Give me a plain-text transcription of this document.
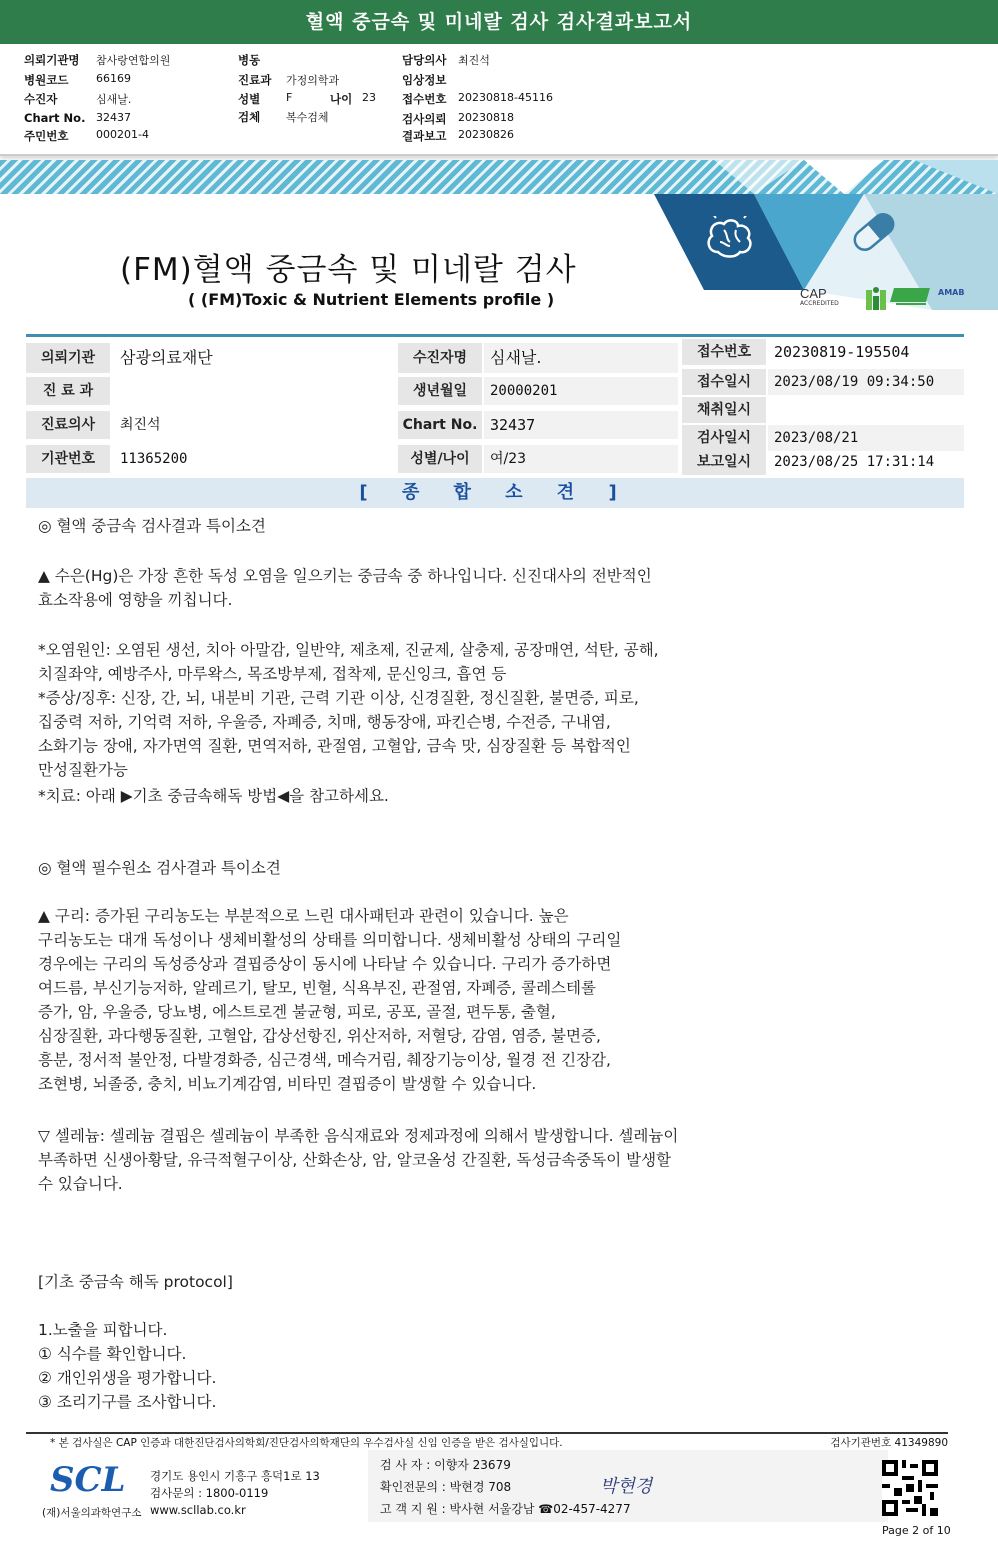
혈액 중금속 및 미네랄 검사 검사결과보고서
의뢰기관명 참사랑연합의원
병원코드	66169
수진자	심새날.
Chart No. 32437
주민번호	000201-4
병동
진료과 가정의학과
성별 F	나이 23
검체 복수검체
담당의사 최진석
임상정보
접수번호 20230818-45116
검사의뢰 20230818
결과보고 20230826
CAP
ACCREDITED
AMAB
(FM)혈액 중금속 및 미네랄 검사
( (FM)Toxic & Nutrient Elements profile )
의뢰기관	삼광의료재단
진 료 과
진료의사	최진석
기관번호	11365200
수진자명	심새날.
생년월일	20000201
Chart No. 32437
성별/나이	여/23
접수번호	20230819-195504
접수일시	2023/08/19 09:34:50
채취일시
검사일시	2023/08/21
보고일시	2023/08/25 17:31:14
[ 종 합 소 견 ]
◎ 혈액 중금속 검사결과 특이소견
▲ 수은(Hg)은 가장 흔한 독성 오염을 일으키는 중금속 중 하나입니다. 신진대사의 전반적인
효소작용에 영향을 끼칩니다.
*오염원인: 오염된 생선, 치아 아말감, 일반약, 제초제, 진균제, 살충제, 공장매연, 석탄, 공해,
치질좌약, 예방주사, 마루왁스, 목조방부제, 접착제, 문신잉크, 흡연 등
*증상/징후: 신장, 간, 뇌, 내분비 기관, 근력 기관 이상, 신경질환, 정신질환, 불면증, 피로,
집중력 저하, 기억력 저하, 우울증, 자폐증, 치매, 행동장애, 파킨슨병, 수전증, 구내염,
소화기능 장애, 자가면역 질환, 면역저하, 관절염, 고혈압, 금속 맛, 심장질환 등 복합적인
만성질환가능
*치료: 아래 ▶기초 중금속해독 방법◀을 참고하세요.
◎ 혈액 필수원소 검사결과 특이소견
▲ 구리: 증가된 구리농도는 부분적으로 느린 대사패턴과 관련이 있습니다. 높은
구리농도는 대개 독성이나 생체비활성의 상태를 의미합니다. 생체비활성 상태의 구리일
경우에는 구리의 독성증상과 결핍증상이 동시에 나타날 수 있습니다. 구리가 증가하면
여드름, 부신기능저하, 알레르기, 탈모, 빈혈, 식욕부진, 관절염, 자폐증, 콜레스테롤
증가, 암, 우울증, 당뇨병, 에스트로겐 불균형, 피로, 공포, 골절, 편두통, 출혈,
심장질환, 과다행동질환, 고혈압, 갑상선항진, 위산저하, 저혈당, 감염, 염증, 불면증,
흥분, 정서적 불안정, 다발경화증, 심근경색, 메슥거림, 췌장기능이상, 월경 전 긴장감,
조현병, 뇌졸중, 충치, 비뇨기계감염, 비타민 결핍증이 발생할 수 있습니다.
▽ 셀레늄: 셀레늄 결핍은 셀레늄이 부족한 음식재료와 정제과정에 의해서 발생합니다. 셀레늄이
부족하면 신생아황달, 유극적혈구이상, 산화손상, 암, 알코올성 간질환, 독성금속중독이 발생할
수 있습니다.
[기초 중금속 해독 protocol]
1.노출을 피합니다.
① 식수를 확인합니다.
② 개인위생을 평가합니다.
③ 조리기구를 조사합니다.
* 본 검사실은 CAP 인증과 대한진단검사의학회/진단검사의학재단의 우수검사실 신임 인증을 받은 검사실입니다.	검사기관번호 41349890
SCL
(재)서울의과학연구소
경기도 용인시 기흥구 흥덕1로 13
검사문의 : 1800-0119
www.scllab.co.kr
검 사 자 : 이향자 23679
확인전문의 : 박현경 708
고 객 지 원 : 박사현 서울강남 ☎02-457-4277
박현경
Page 2 of 10
